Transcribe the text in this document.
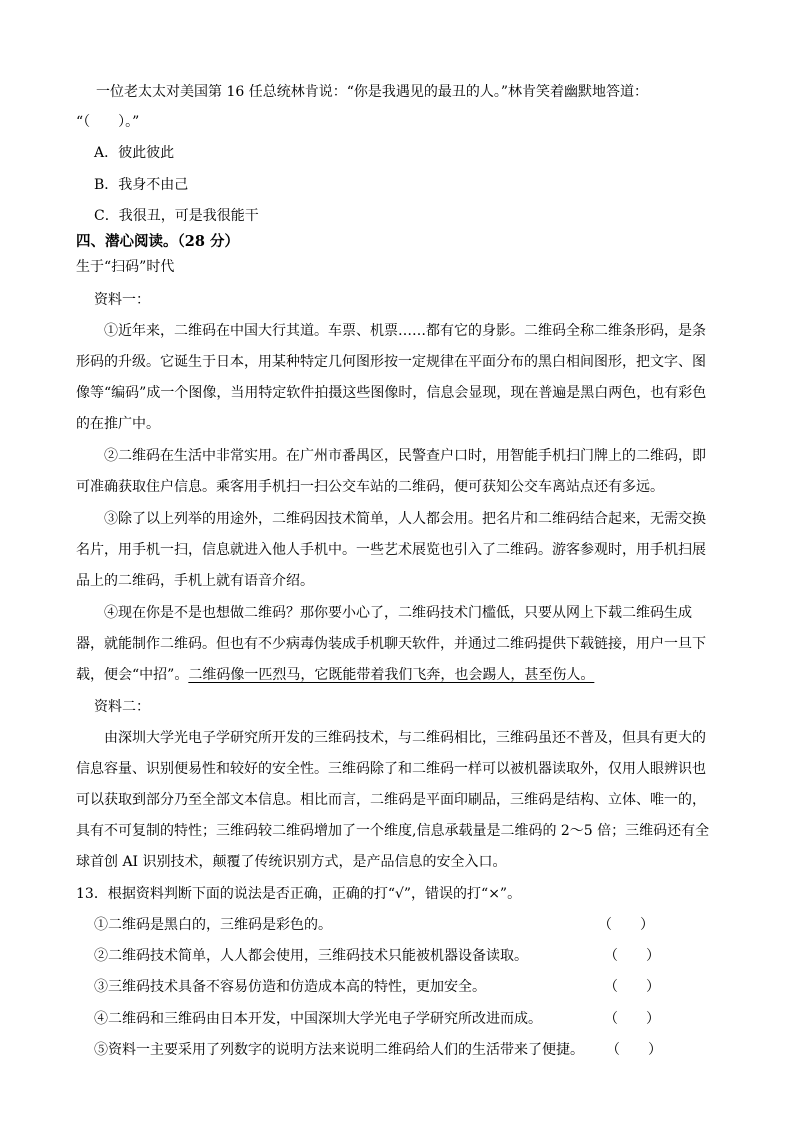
一位老太太对美国第 16 任总统林肯说：“你是我遇见的最丑的人。”林肯笑着幽默地答道：
“（　　）。”
A．彼此彼此
B．我身不由己
C．我很丑，可是我很能干
四、潜心阅读。（28 分）
生于“扫码”时代
资料一：
①近年来，二维码在中国大行其道。车票、机票……都有它的身影。二维码全称二维条形码，是条
形码的升级。它诞生于日本，用某种特定几何图形按一定规律在平面分布的黑白相间图形，把文字、图
像等“编码”成一个图像，当用特定软件拍摄这些图像时，信息会显现，现在普遍是黑白两色，也有彩色
的在推广中。
②二维码在生活中非常实用。在广州市番禺区，民警查户口时，用智能手机扫门牌上的二维码，即
可准确获取住户信息。乘客用手机扫一扫公交车站的二维码，便可获知公交车离站点还有多远。
③除了以上列举的用途外，二维码因技术简单，人人都会用。把名片和二维码结合起来，无需交换
名片，用手机一扫，信息就进入他人手机中。一些艺术展览也引入了二维码。游客参观时，用手机扫展
品上的二维码，手机上就有语音介绍。
④现在你是不是也想做二维码？那你要小心了，二维码技术门槛低，只要从网上下载二维码生成
器，就能制作二维码。但也有不少病毒伪装成手机聊天软件，并通过二维码提供下载链接，用户一旦下
载，便会“中招”。二维码像一匹烈马，它既能带着我们飞奔，也会踢人，甚至伤人。
资料二：
由深圳大学光电子学研究所开发的三维码技术，与二维码相比，三维码虽还不普及，但具有更大的
信息容量、识别便易性和较好的安全性。三维码除了和二维码一样可以被机器读取外，仅用人眼辨识也
可以获取到部分乃至全部文本信息。相比而言，二维码是平面印刷品，三维码是结构、立体、唯一的，
具有不可复制的特性；三维码较二维码增加了一个维度,信息承载量是二维码的 2～5 倍；三维码还有全
球首创 AI 识别技术，颠覆了传统识别方式，是产品信息的安全入口。
13．根据资料判断下面的说法是否正确，正确的打“√”，错误的打“×”。
①二维码是黑白的，三维码是彩色的。	（　　）
②二维码技术简单，人人都会使用，三维码技术只能被机器设备读取。	（　　）
③三维码技术具备不容易仿造和仿造成本高的特性，更加安全。	（　　）
④二维码和三维码由日本开发，中国深圳大学光电子学研究所改进而成。	（　　）
⑤资料一主要采用了列数字的说明方法来说明二维码给人们的生活带来了便捷。 （　　）
